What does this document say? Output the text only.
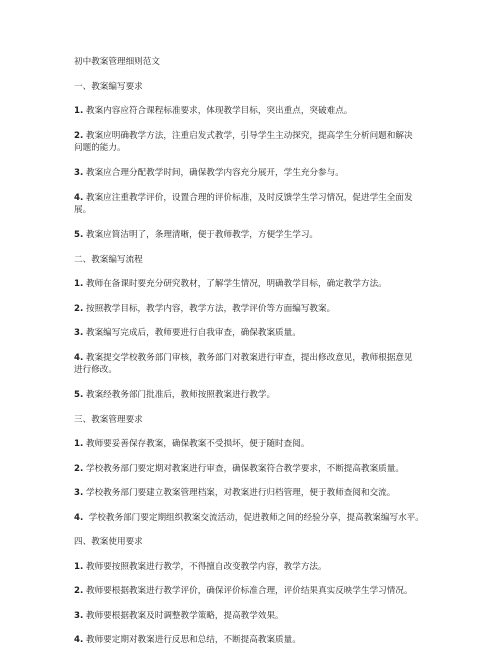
初中教案管理细则范文

一、教案编写要求

1. 教案内容应符合课程标准要求，体现教学目标，突出重点，突破难点。

2. 教案应明确教学方法，注重启发式教学，引导学生主动探究，提高学生分析问题和解决
问题的能力。

3. 教案应合理分配教学时间，确保教学内容充分展开，学生充分参与。

4. 教案应注重教学评价，设置合理的评价标准，及时反馈学生学习情况，促进学生全面发
展。

5. 教案应简洁明了，条理清晰，便于教师教学，方便学生学习。

二、教案编写流程

1. 教师在备课时要充分研究教材，了解学生情况，明确教学目标，确定教学方法。

2. 按照教学目标，教学内容，教学方法，教学评价等方面编写教案。

3. 教案编写完成后，教师要进行自我审查，确保教案质量。

4. 教案提交学校教务部门审核，教务部门对教案进行审查，提出修改意见，教师根据意见
进行修改。

5. 教案经教务部门批准后，教师按照教案进行教学。

三、教案管理要求

1. 教师要妥善保存教案，确保教案不受损坏，便于随时查阅。

2. 学校教务部门要定期对教案进行审查，确保教案符合教学要求，不断提高教案质量。

3. 学校教务部门要建立教案管理档案，对教案进行归档管理，便于教师查阅和交流。

4.  学校教务部门要定期组织教案交流活动，促进教师之间的经验分享，提高教案编写水平。

四、教案使用要求

1. 教师要按照教案进行教学，不得擅自改变教学内容，教学方法。

2. 教师要根据教案进行教学评价，确保评价标准合理，评价结果真实反映学生学习情况。

3. 教师要根据教案及时调整教学策略，提高教学效果。

4. 教师要定期对教案进行反思和总结，不断提高教案质量。
